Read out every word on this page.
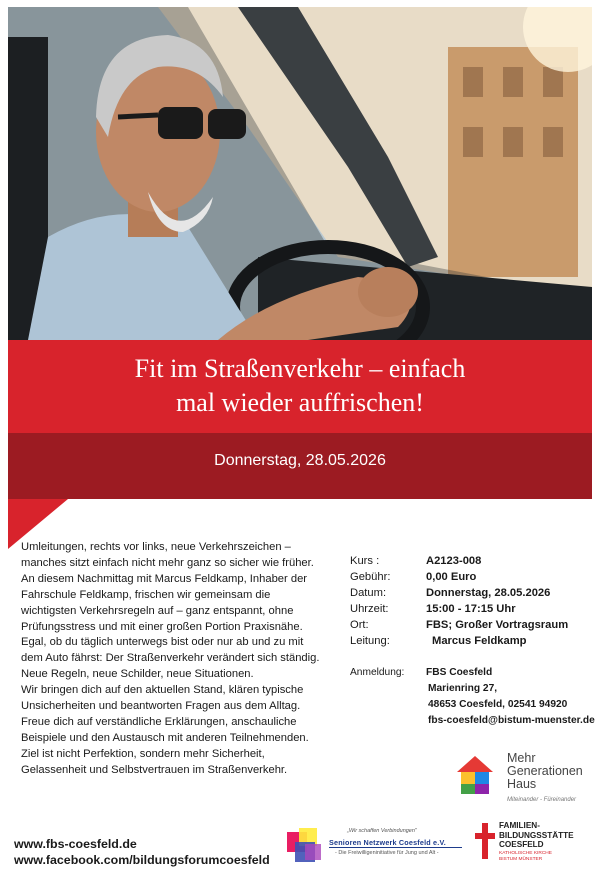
Fit im Straßenverkehr – einfach
mal wieder auffrischen!
Donnerstag, 28.05.2026

Umleitungen, rechts vor links, neue Verkehrszeichen – manches sitzt einfach nicht mehr ganz so sicher wie früher.

An diesem Nachmittag mit Marcus Feldkamp, Inhaber der Fahrschule Feldkamp, frischen wir gemeinsam die wichtigsten Verkehrsregeln auf – ganz entspannt, ohne Prüfungsstress und mit einer großen Portion Praxisnähe.

Egal, ob du täglich unterwegs bist oder nur ab und zu mit dem Auto fährst: Der Straßenverkehr verändert sich ständig. Neue Regeln, neue Schilder, neue Situationen.

Wir bringen dich auf den aktuellen Stand, klären typische Unsicherheiten und beantworten Fragen aus dem Alltag.

Freue dich auf verständliche Erklärungen, anschauliche Beispiele und den Austausch mit anderen Teilnehmenden.

Ziel ist nicht Perfektion, sondern mehr Sicherheit, Gelassenheit und Selbstvertrauen im Straßenverkehr.

Kurs :	A2123-008
Gebühr:	0,00 Euro
Datum:	Donnerstag, 28.05.2026
Uhrzeit:	15:00 - 17:15 Uhr
Ort:	FBS; Großer Vortragsraum
Leitung:	Marcus Feldkamp
Anmeldung: FBS Coesfeld
Marienring 27,
48653 Coesfeld, 02541 94920
fbs-coesfeld@bistum-muenster.de
Mehr
Generationen
Haus
Miteinander - Füreinander
„Wir schaffen Verbindungen"
Senioren Netzwerk Coesfeld e.V.
- Die Freiwilligeninitiative für Jung und Alt -
FAMILIEN-
BILDUNGSSTÄTTE
COESFELD
KATHOLISCHE KIRCHE
BISTUM MÜNSTER
www.fbs-coesfeld.de
www.facebook.com/bildungsforumcoesfeld
